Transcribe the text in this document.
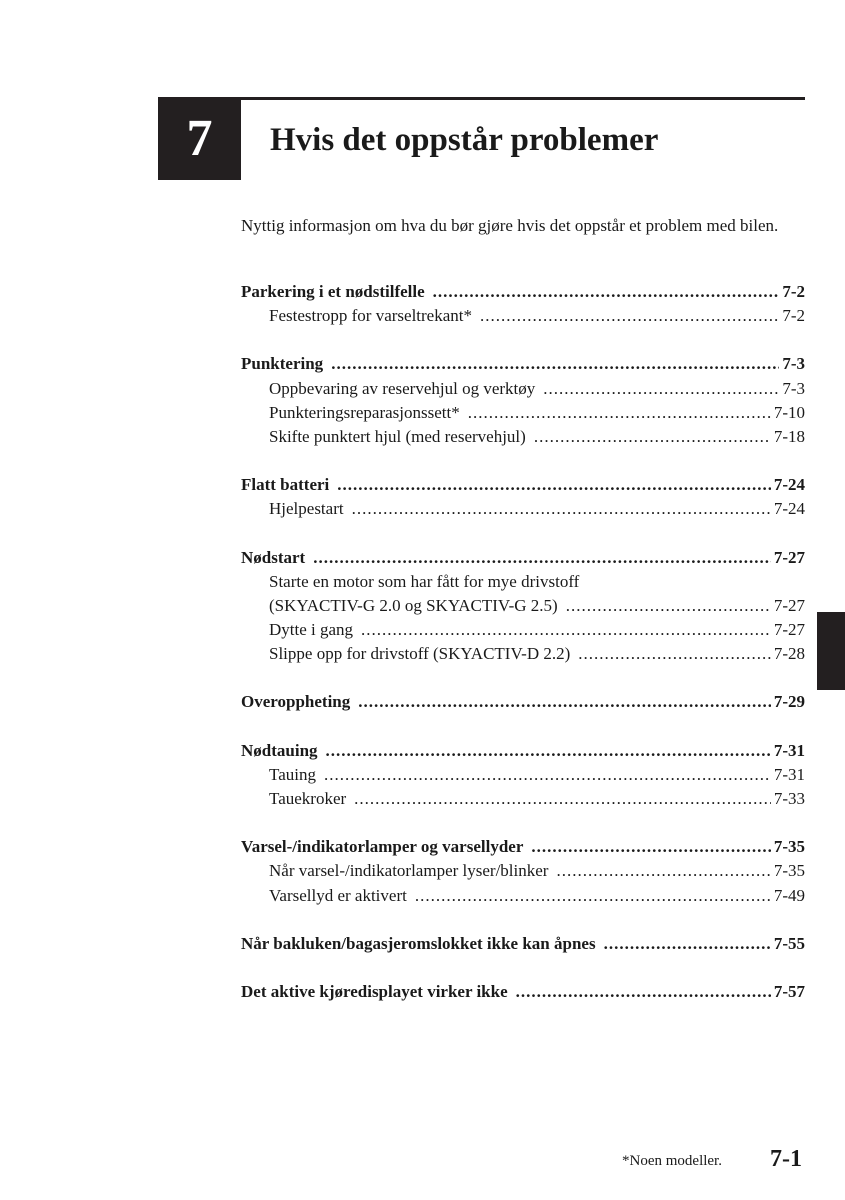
7 Hvis det oppstår problemer
Nyttig informasjon om hva du bør gjøre hvis det oppstår et problem med bilen.
Parkering i et nødstilfelle .....	7-2
Festestropp for varseltrekant* .....	7-2
Punktering .....	7-3
Oppbevaring av reservehjul og verktøy .....	7-3
Punkteringsreparasjonssett* .....	7-10
Skifte punktert hjul (med reservehjul) .....	7-18
Flatt batteri .....	7-24
Hjelpestart .....	7-24
Nødstart .....	7-27
Starte en motor som har fått for mye drivstoff
(SKYACTIV-G 2.0 og SKYACTIV-G 2.5) .....	7-27
Dytte i gang .....	7-27
Slippe opp for drivstoff (SKYACTIV-D 2.2) .....	7-28
Overoppheting .....	7-29
Nødtauing .....	7-31
Tauing .....	7-31
Tauekroker .....	7-33
Varsel-/indikatorlamper og varsellyder .....	7-35
Når varsel-/indikatorlamper lyser/blinker .....	7-35
Varsellyd er aktivert .....	7-49
Når bakluken/bagasjeromslokket ikke kan åpnes .....	7-55
Det aktive kjøredisplayet virker ikke .....	7-57
*Noen modeller. 7-1
